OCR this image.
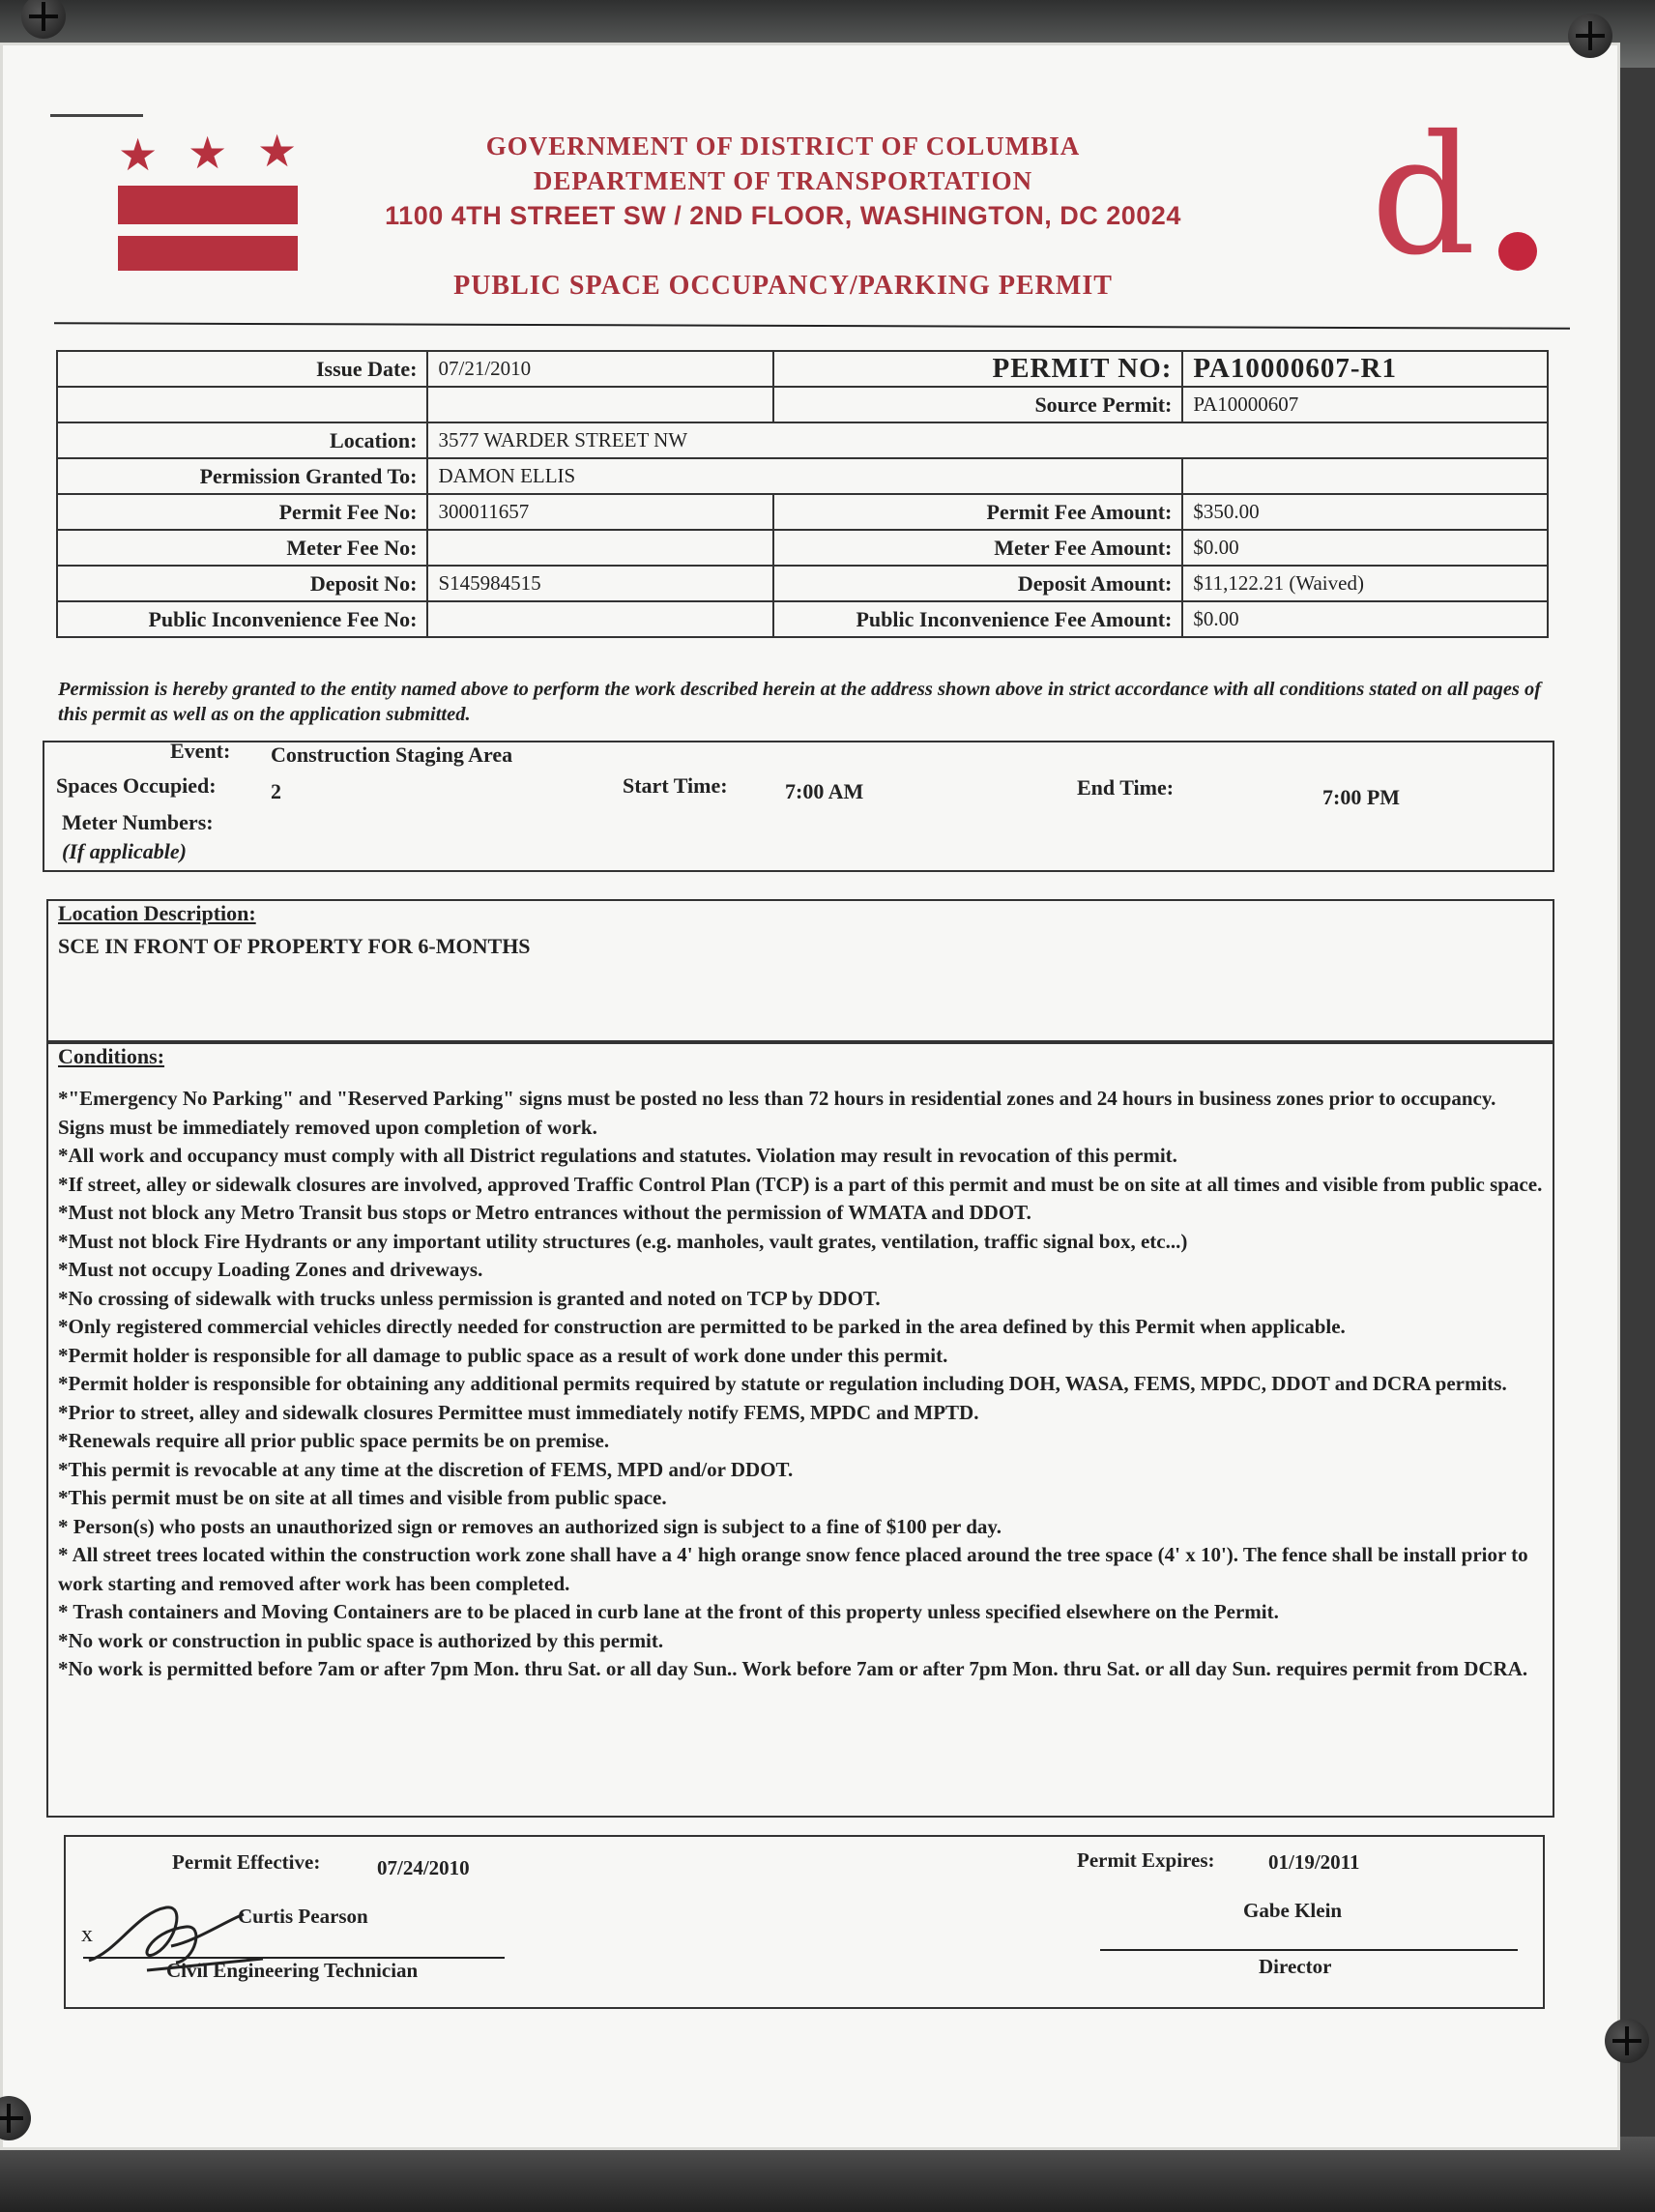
★ ★ ★	GOVERNMENT OF DISTRICT OF COLUMBIA
DEPARTMENT OF TRANSPORTATION
1100 4TH STREET SW / 2ND FLOOR, WASHINGTON, DC 20024
PUBLIC SPACE OCCUPANCY/PARKING PERMIT	d
Issue Date:	07/21/2010	PERMIT NO:	PA10000607-R1
		Source Permit:	PA10000607
Location:	3577 WARDER STREET NW		
Permission Granted To:	DAMON ELLIS		
Permit Fee No:	300011657	Permit Fee Amount:	$350.00
Meter Fee No:		Meter Fee Amount:	$0.00
Deposit No:	S145984515	Deposit Amount:	$11,122.21 (Waived)
Public Inconvenience Fee No:		Public Inconvenience Fee Amount:	$0.00
Permission is hereby granted to the entity named above to perform the work described herein at the address shown above in strict accordance with all conditions stated on all pages of this permit as well as on the application submitted.
Event: Construction Staging Area
Spaces Occupied:	2	Start Time:	7:00 AM	End Time:	7:00 PM
Meter Numbers:
(If applicable)
Location Description:
SCE IN FRONT OF PROPERTY FOR 6-MONTHS
Conditions:
*"Emergency No Parking" and "Reserved Parking" signs must be posted no less than 72 hours in residential zones and 24 hours in business zones prior to occupancy. Signs must be immediately removed upon completion of work.
*All work and occupancy must comply with all District regulations and statutes. Violation may result in revocation of this permit.
*If street, alley or sidewalk closures are involved, approved Traffic Control Plan (TCP) is a part of this permit and must be on site at all times and visible from public space.
*Must not block any Metro Transit bus stops or Metro entrances without the permission of WMATA and DDOT.
*Must not block Fire Hydrants or any important utility structures (e.g. manholes, vault grates, ventilation, traffic signal box, etc...)
*Must not occupy Loading Zones and driveways.
*No crossing of sidewalk with trucks unless permission is granted and noted on TCP by DDOT.
*Only registered commercial vehicles directly needed for construction are permitted to be parked in the area defined by this Permit when applicable.
*Permit holder is responsible for all damage to public space as a result of work done under this permit.
*Permit holder is responsible for obtaining any additional permits required by statute or regulation including DOH, WASA, FEMS, MPDC, DDOT and DCRA permits.
*Prior to street, alley and sidewalk closures Permittee must immediately notify FEMS, MPDC and MPTD.
*Renewals require all prior public space permits be on premise.
*This permit is revocable at any time at the discretion of FEMS, MPD and/or DDOT.
*This permit must be on site at all times and visible from public space.
* Person(s) who posts an unauthorized sign or removes an authorized sign is subject to a fine of $100 per day.
* All street trees located within the construction work zone shall have a 4' high orange snow fence placed around the tree space (4' x 10'). The fence shall be install prior to work starting and removed after work has been completed.
* Trash containers and Moving Containers are to be placed in curb lane at the front of this property unless specified elsewhere on the Permit.
*No work or construction in public space is authorized by this permit.
*No work is permitted before 7am or after 7pm Mon. thru Sat. or all day Sun.. Work before 7am or after 7pm Mon. thru Sat. or all day Sun. requires permit from DCRA.
Permit Effective:	07/24/2010	Permit Expires:	01/19/2011
x
Curtis Pearson
Civil Engineering Technician
Gabe Klein
Director
